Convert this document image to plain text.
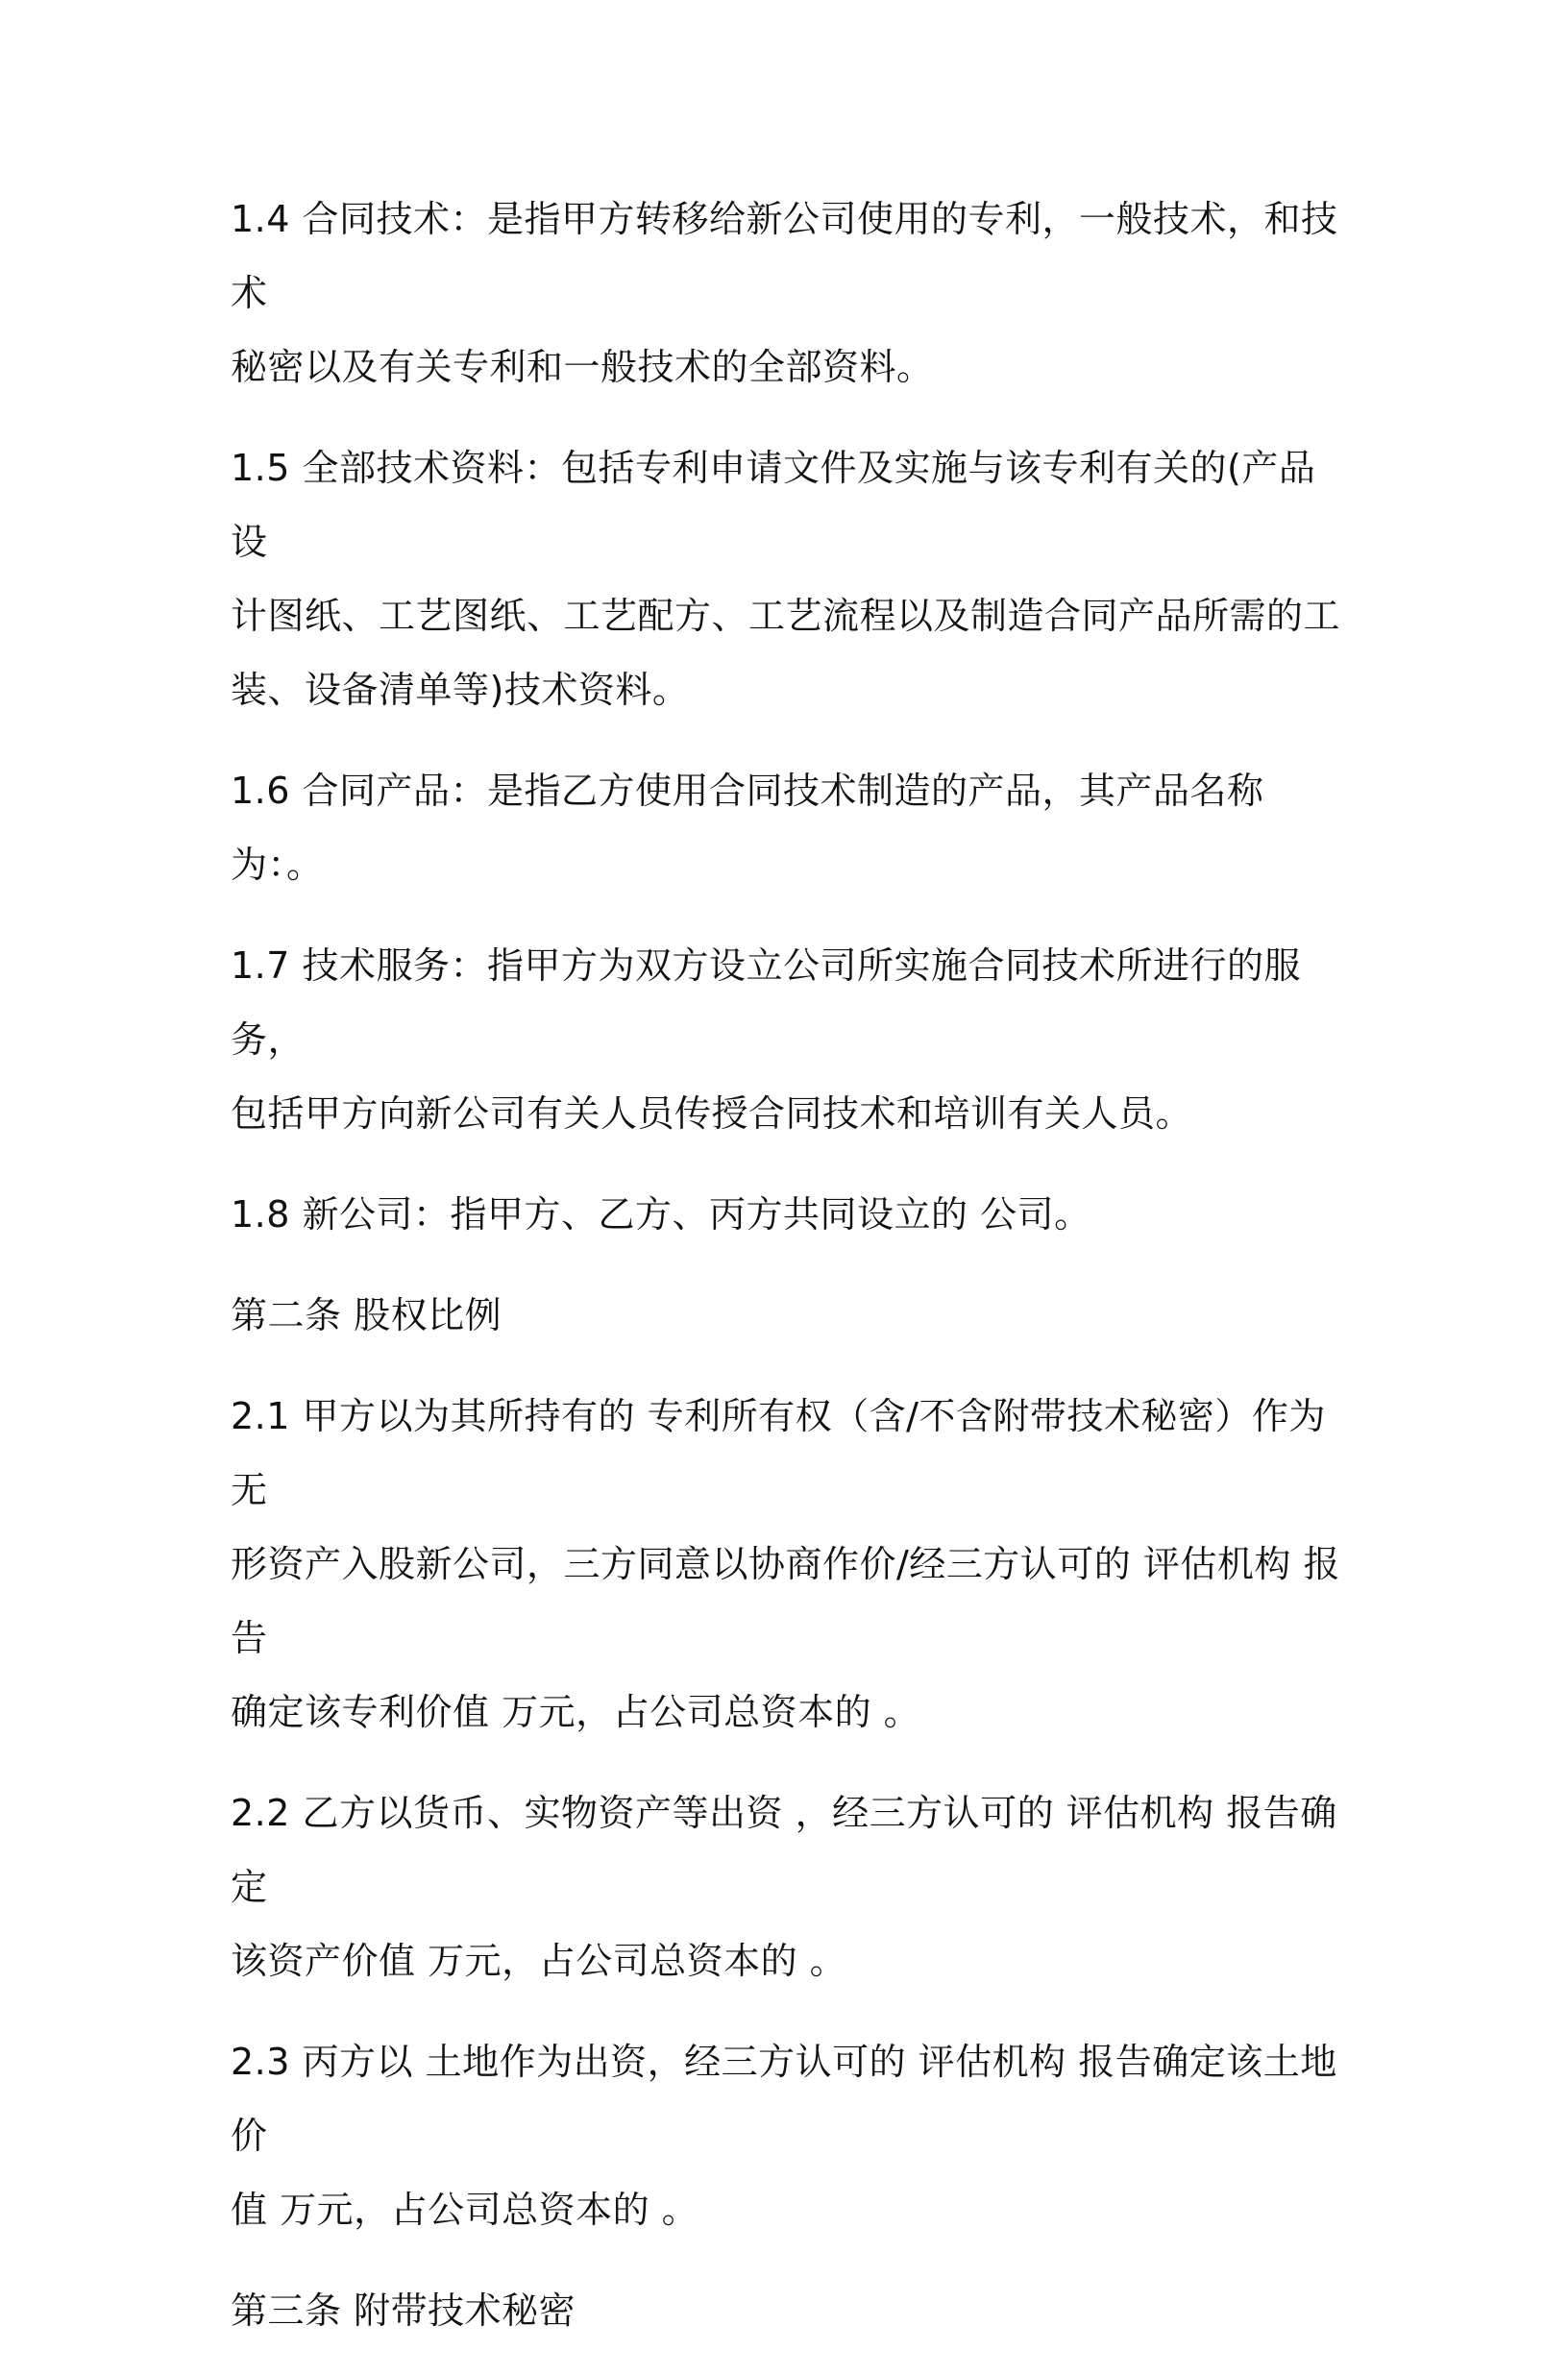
1.4 合同技术：是指甲方转移给新公司使用的专利，一般技术，和技术
秘密以及有关专利和一般技术的全部资料。
1.5 全部技术资料：包括专利申请文件及实施与该专利有关的(产品设
计图纸、工艺图纸、工艺配方、工艺流程以及制造合同产品所需的工
装、设备清单等)技术资料。
1.6 合同产品：是指乙方使用合同技术制造的产品，其产品名称为：。
1.7 技术服务：指甲方为双方设立公司所实施合同技术所进行的服务，
包括甲方向新公司有关人员传授合同技术和培训有关人员。
1.8 新公司：指甲方、乙方、丙方共同设立的 公司。
第二条 股权比例
2.1 甲方以为其所持有的 专利所有权（含/不含附带技术秘密）作为无
形资产入股新公司，三方同意以协商作价/经三方认可的 评估机构 报告
确定该专利价值 万元，占公司总资本的 。
2.2 乙方以货币、实物资产等出资 ，经三方认可的 评估机构 报告确定
该资产价值 万元，占公司总资本的 。
2.3 丙方以 土地作为出资，经三方认可的 评估机构 报告确定该土地价
值 万元，占公司总资本的 。
第三条 附带技术秘密
